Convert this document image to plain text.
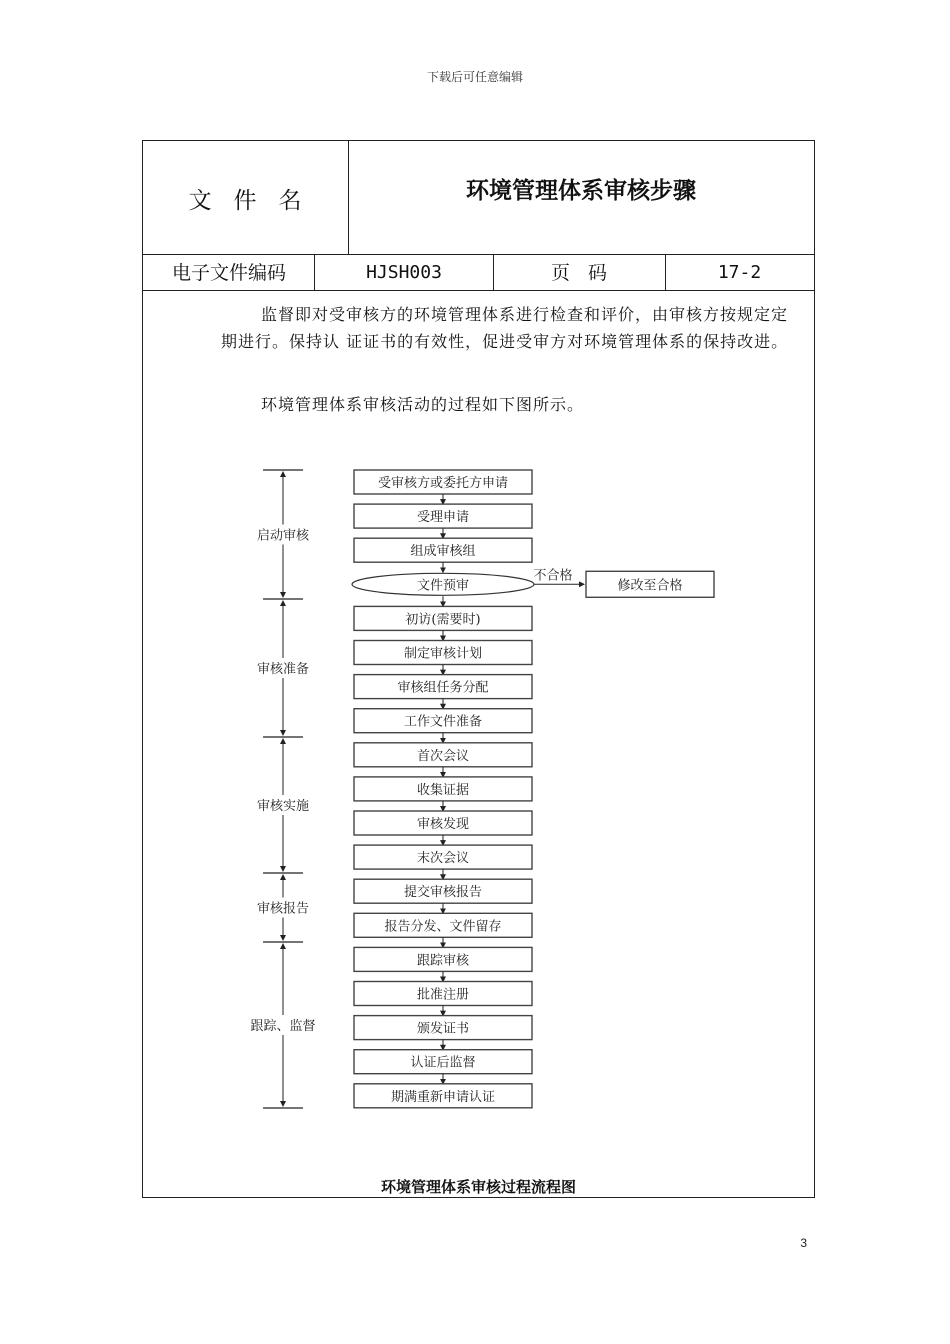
下载后可任意编辑
文件名	环境管理体系审核步骤
电子文件编码	HJSH003	页码	17-2
监督即对受审核方的环境管理体系进行检查和评价，由审核方按规定定期进行。保持认 证证书的有效性，促进受审方对环境管理体系的保持改进。
环境管理体系审核活动的过程如下图所示。
启动审核
审核准备
审核实施
审核报告
跟踪、监督
受审核方或委托方申请
受理申请
组成审核组
文件预审
初访(需要时)
制定审核计划
审核组任务分配
工作文件准备
首次会议
收集证据
审核发现
末次会议
提交审核报告
报告分发、文件留存
跟踪审核
批准注册
颁发证书
认证后监督
期满重新申请认证
不合格
修改至合格
环境管理体系审核过程流程图
3
